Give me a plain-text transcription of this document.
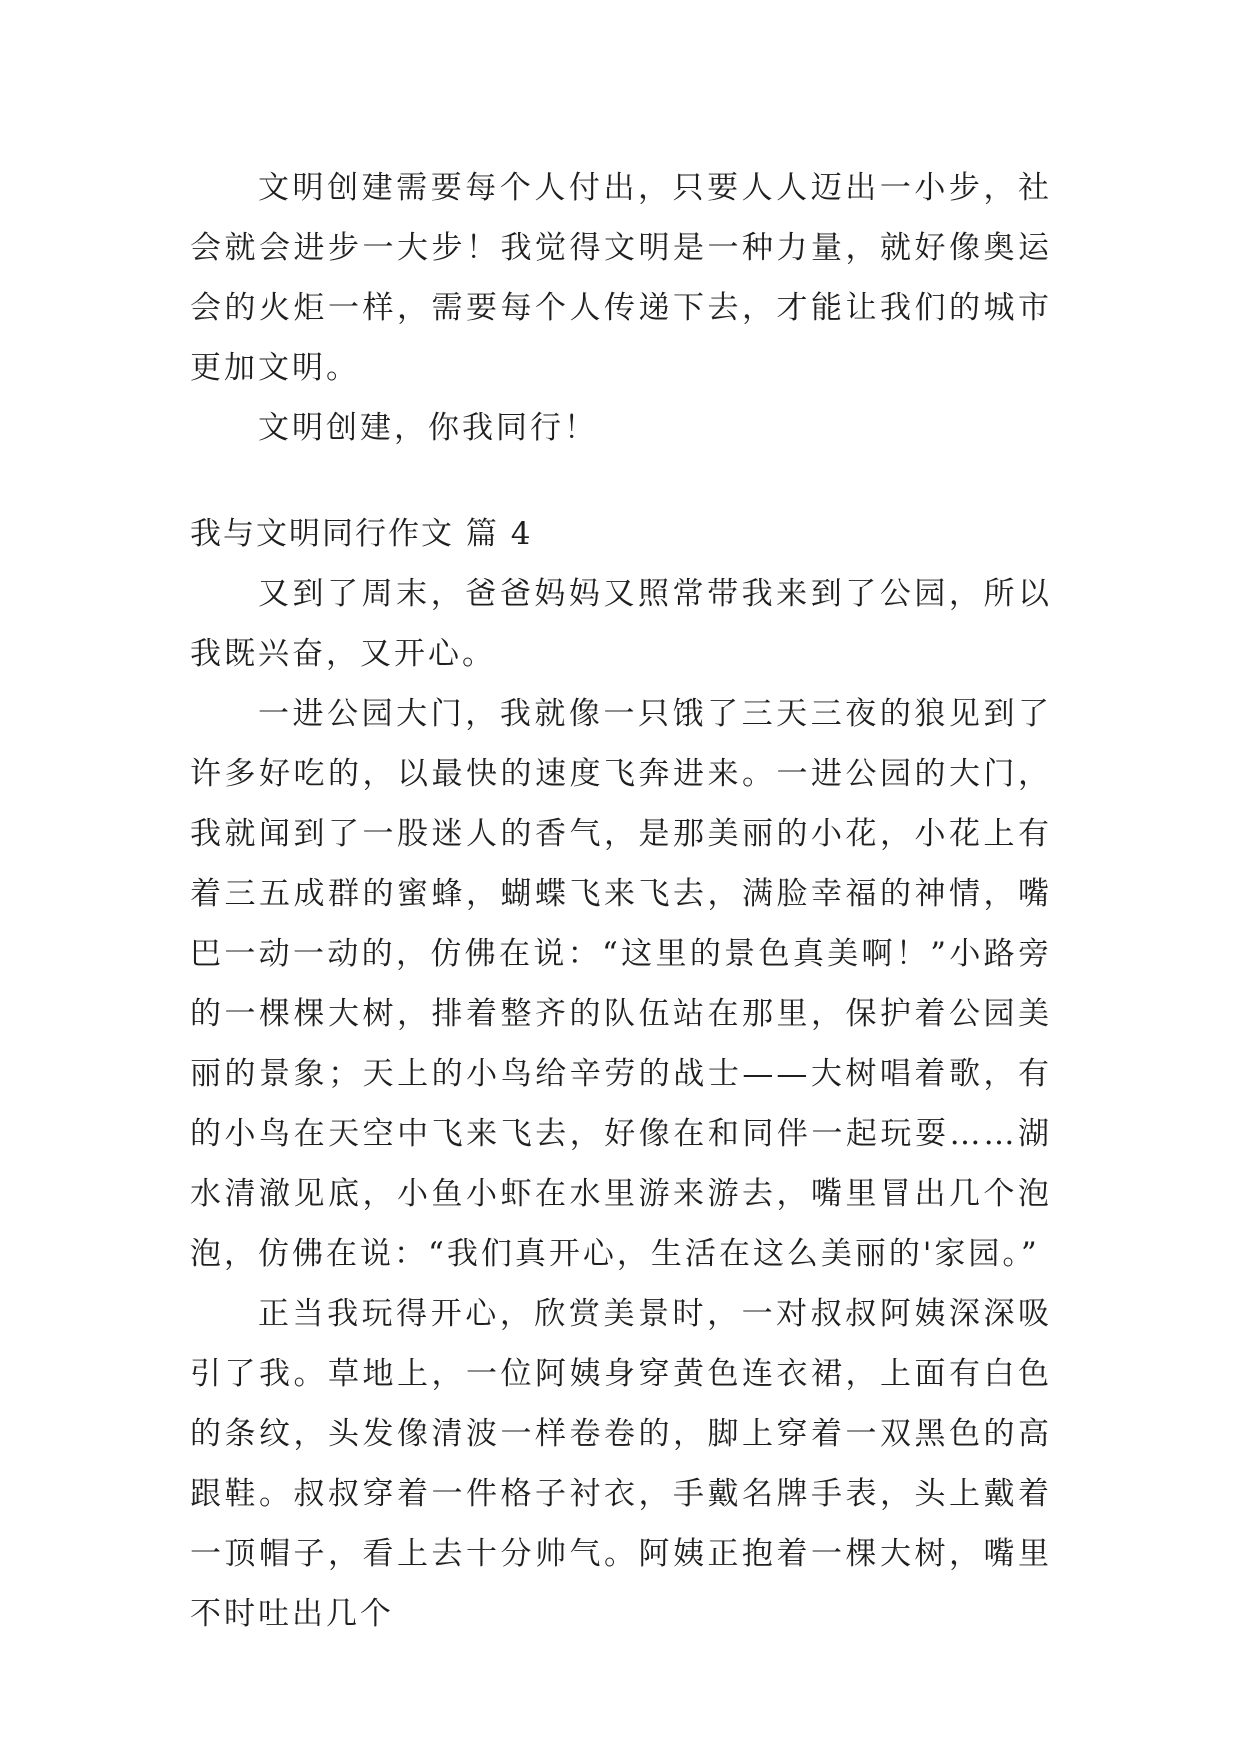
文明创建需要每个人付出，只要人人迈出一小步，社会就会进步一大步！我觉得文明是一种力量，就好像奥运会的火炬一样，需要每个人传递下去，才能让我们的城市更加文明。

文明创建，你我同行！

我与文明同行作文 篇 4

又到了周末，爸爸妈妈又照常带我来到了公园，所以我既兴奋，又开心。

一进公园大门，我就像一只饿了三天三夜的狼见到了许多好吃的，以最快的速度飞奔进来。一进公园的大门，我就闻到了一股迷人的香气，是那美丽的小花，小花上有着三五成群的蜜蜂，蝴蝶飞来飞去，满脸幸福的神情，嘴巴一动一动的，仿佛在说：“这里的景色真美啊！”小路旁的一棵棵大树，排着整齐的队伍站在那里，保护着公园美丽的景象；天上的小鸟给辛劳的战士——大树唱着歌，有的小鸟在天空中飞来飞去，好像在和同伴一起玩耍……湖水清澈见底，小鱼小虾在水里游来游去，嘴里冒出几个泡泡，仿佛在说：“我们真开心，生活在这么美丽的'家园。”

正当我玩得开心，欣赏美景时，一对叔叔阿姨深深吸引了我。草地上，一位阿姨身穿黄色连衣裙，上面有白色的条纹，头发像清波一样卷卷的，脚上穿着一双黑色的高跟鞋。叔叔穿着一件格子衬衣，手戴名牌手表，头上戴着一顶帽子，看上去十分帅气。阿姨正抱着一棵大树，嘴里不时吐出几个
